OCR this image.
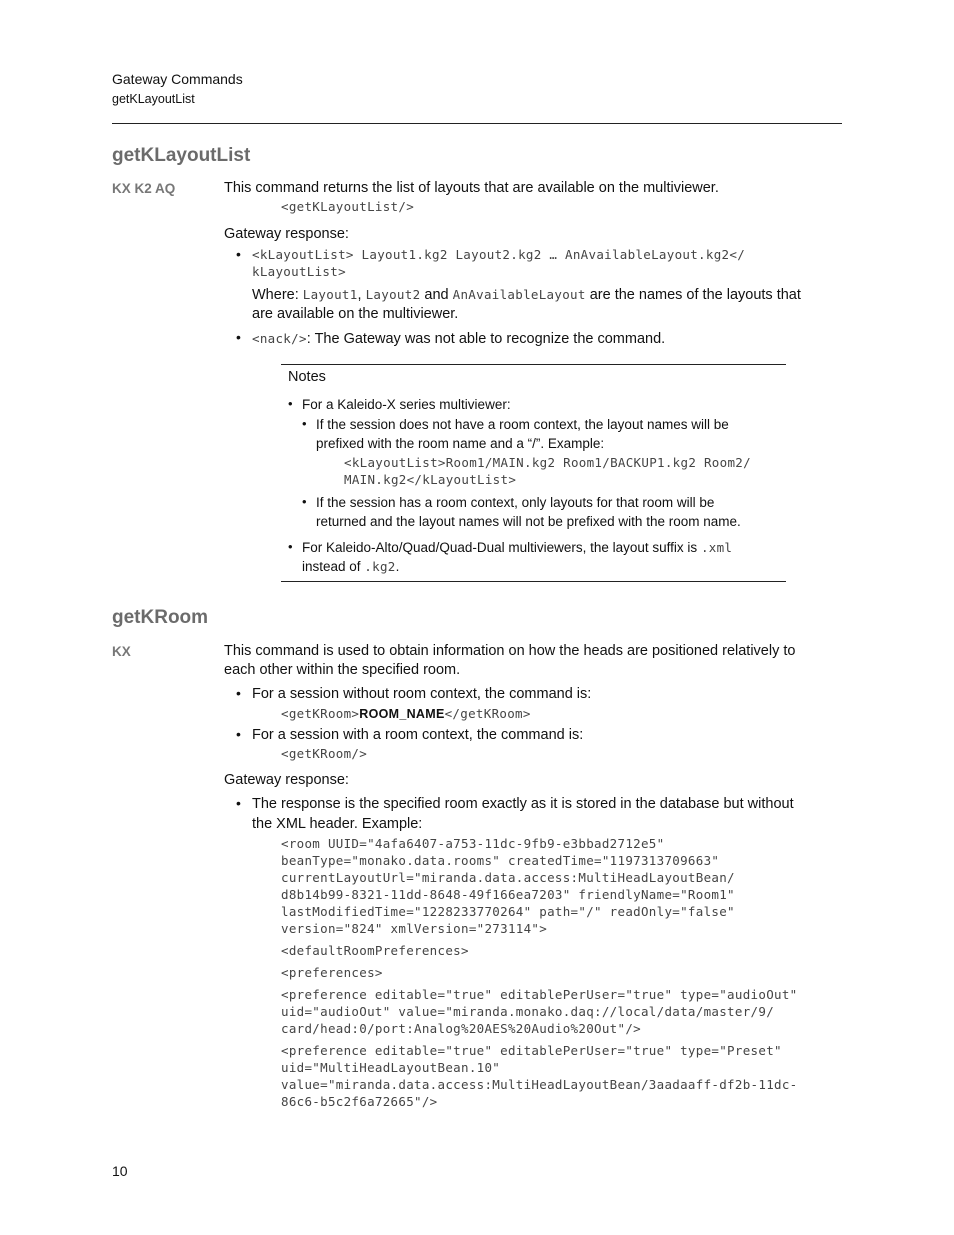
Gateway Commands
getKLayoutList
getKLayoutList
KX K2 AQ	This command returns the list of layouts that are available on the multiviewer.
<getKLayoutList/>
Gateway response:
• <kLayoutList> Layout1.kg2 Layout2.kg2 … AnAvailableLayout.kg2</
kLayoutList>
Where: Layout1, Layout2 and AnAvailableLayout are the names of the layouts that
are available on the multiviewer.
• <nack/>: The Gateway was not able to recognize the command.
Notes
• For a Kaleido-X series multiviewer:
• If the session does not have a room context, the layout names will be
prefixed with the room name and a “/”. Example:
<kLayoutList>Room1/MAIN.kg2 Room1/BACKUP1.kg2 Room2/
MAIN.kg2</kLayoutList>
• If the session has a room context, only layouts for that room will be
returned and the layout names will not be prefixed with the room name.
• For Kaleido-Alto/Quad/Quad-Dual multiviewers, the layout suffix is .xml
instead of .kg2.
getKRoom
KX	This command is used to obtain information on how the heads are positioned relatively to
each other within the specified room.
• For a session without room context, the command is:
<getKRoom>ROOM_NAME</getKRoom>
• For a session with a room context, the command is:
<getKRoom/>
Gateway response:
• The response is the specified room exactly as it is stored in the database but without
the XML header. Example:
<room UUID="4afa6407-a753-11dc-9fb9-e3bbad2712e5"
beanType="monako.data.rooms" createdTime="1197313709663"
currentLayoutUrl="miranda.data.access:MultiHeadLayoutBean/
d8b14b99-8321-11dd-8648-49f166ea7203" friendlyName="Room1"
lastModifiedTime="1228233770264" path="/" readOnly="false"
version="824" xmlVersion="273114">
<defaultRoomPreferences>
<preferences>
<preference editable="true" editablePerUser="true" type="audioOut"
uid="audioOut" value="miranda.monako.daq://local/data/master/9/
card/head:0/port:Analog%20AES%20Audio%20Out"/>
<preference editable="true" editablePerUser="true" type="Preset"
uid="MultiHeadLayoutBean.10"
value="miranda.data.access:MultiHeadLayoutBean/3aadaaff-df2b-11dc-
86c6-b5c2f6a72665"/>
10
